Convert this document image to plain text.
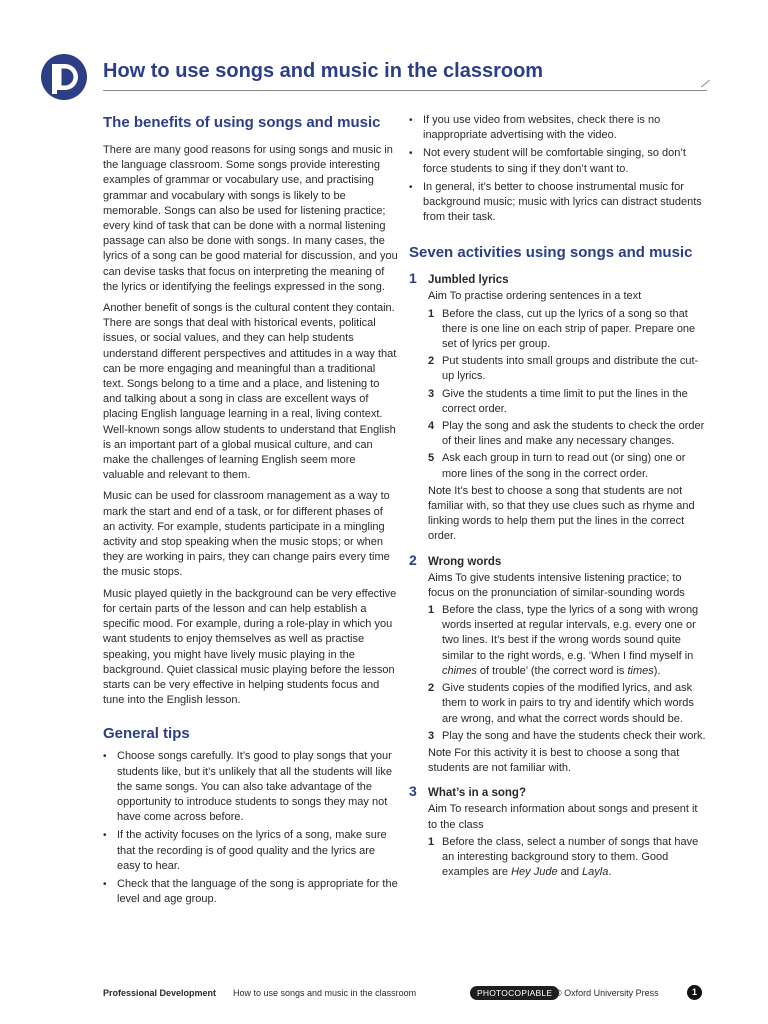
How to use songs and music in the classroom
The benefits of using songs and music

There are many good reasons for using songs and music in the language classroom. Some songs provide interesting examples of grammar or vocabulary use, and practising grammar and vocabulary with songs is likely to be memorable. Songs can also be used for listening practice; every kind of task that can be done with a normal listening passage can also be done with songs. In many cases, the lyrics of a song can be good material for discussion, and you can devise tasks that focus on interpreting the meaning of the lyrics or identifying the feelings expressed in the song.

Another benefit of songs is the cultural content they contain. There are songs that deal with historical events, political issues, or social values, and they can help students understand different perspectives and attitudes in a way that can be more engaging and meaningful than a traditional text. Songs belong to a time and a place, and listening to and talking about a song in class are excellent ways of placing English language learning in a real, living context. Well-known songs allow students to understand that English is an important part of a global musical culture, and can make the challenges of learning English seem more valuable and relevant to them.

Music can be used for classroom management as a way to mark the start and end of a task, or for different phases of an activity. For example, students participate in a mingling activity and stop speaking when the music stops; or when they are working in pairs, they can change pairs every time the music stops.

Music played quietly in the background can be very effective for certain parts of the lesson and can help establish a specific mood. For example, during a role-play in which you want students to enjoy themselves as well as practise speaking, you might have lively music playing in the background. Quiet classical music playing before the lesson starts can be very effective in helping students focus and tune into the English lesson.

General tips
• Choose songs carefully. It’s good to play songs that your students like, but it’s unlikely that all the students will like the same songs. You can also take advantage of the opportunity to introduce students to songs they may not have come across before.
• If the activity focuses on the lyrics of a song, make sure that the recording is of good quality and the lyrics are easy to hear.
• Check that the language of the song is appropriate for the level and age group.
• If you use video from websites, check there is no inappropriate advertising with the video.
• Not every student will be comfortable singing, so don’t force students to sing if they don’t want to.
• In general, it’s better to choose instrumental music for background music; music with lyrics can distract students from their task.
Seven activities using songs and music
1 Jumbled lyrics
Aim To practise ordering sentences in a text
1 Before the class, cut up the lyrics of a song so that there is one line on each strip of paper. Prepare one set of lyrics per group.
2 Put students into small groups and distribute the cut-up lyrics.
3 Give the students a time limit to put the lines in the correct order.
4 Play the song and ask the students to check the order of their lines and make any necessary changes.
5 Ask each group in turn to read out (or sing) one or more lines of the song in the correct order.
Note It’s best to choose a song that students are not familiar with, so that they use clues such as rhyme and linking words to help them put the lines in the correct order.
2 Wrong words
Aims To give students intensive listening practice; to focus on the pronunciation of similar-sounding words
1 Before the class, type the lyrics of a song with wrong words inserted at regular intervals, e.g. every one or two lines. It’s best if the wrong words sound quite similar to the right words, e.g. ‘When I find myself in chimes of trouble’ (the correct word is times).
2 Give students copies of the modified lyrics, and ask them to work in pairs to try and identify which words are wrong, and what the correct words should be.
3 Play the song and have the students check their work.
Note For this activity it is best to choose a song that students are not familiar with.
3 What’s in a song?
Aim To research information about songs and present it to the class
1 Before the class, select a number of songs that have an interesting background story to them. Good examples are Hey Jude and Layla.
Professional Development How to use songs and music in the classroom	PHOTOCOPIABLE © Oxford University Press	1
